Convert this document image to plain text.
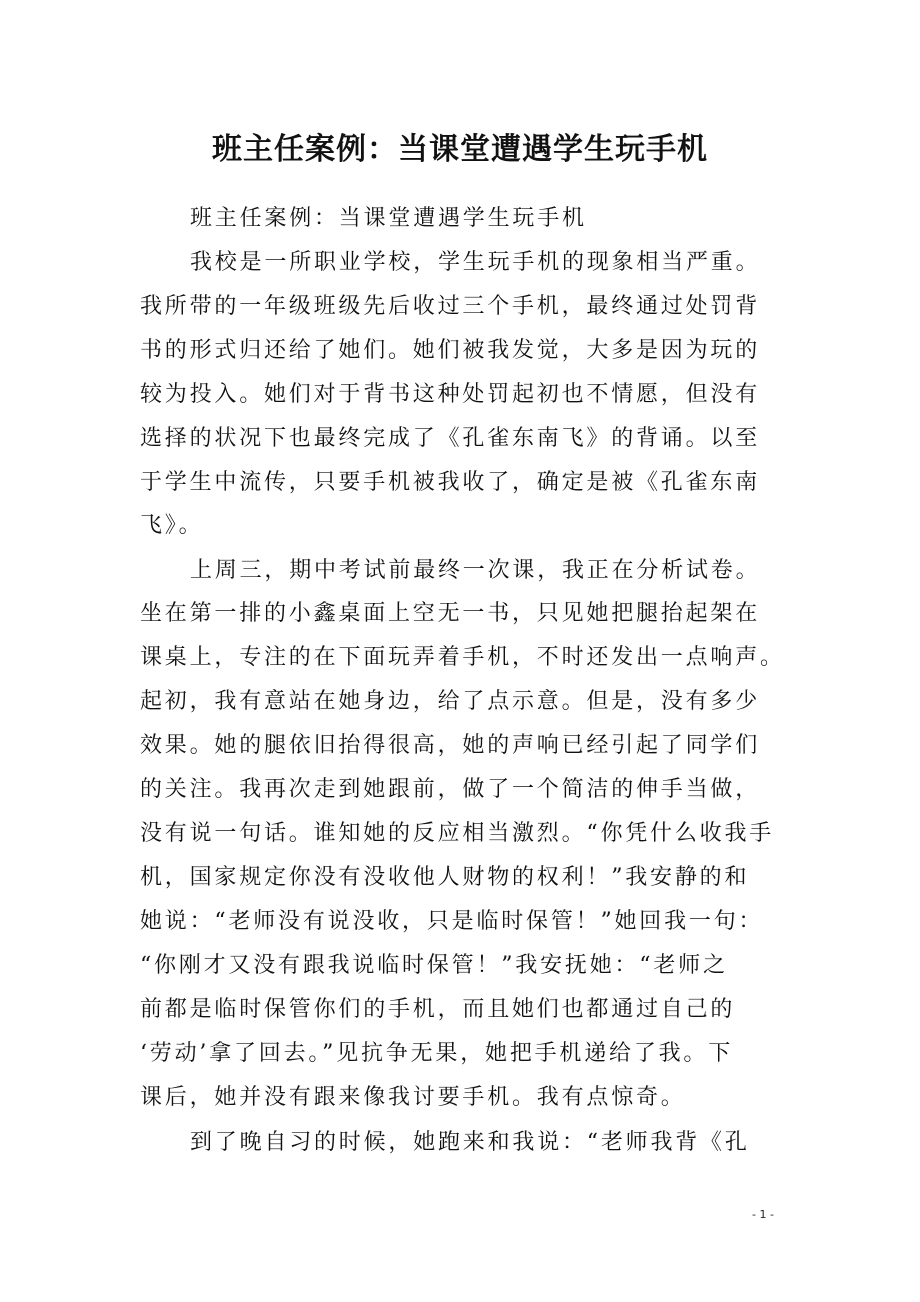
班主任案例：当课堂遭遇学生玩手机
班主任案例：当课堂遭遇学生玩手机
我校是一所职业学校，学生玩手机的现象相当严重。
我所带的一年级班级先后收过三个手机，最终通过处罚背
书的形式归还给了她们。她们被我发觉，大多是因为玩的
较为投入。她们对于背书这种处罚起初也不情愿，但没有
选择的状况下也最终完成了《孔雀东南飞》的背诵。以至
于学生中流传，只要手机被我收了，确定是被《孔雀东南
飞》。
上周三，期中考试前最终一次课，我正在分析试卷。
坐在第一排的小鑫桌面上空无一书，只见她把腿抬起架在
课桌上，专注的在下面玩弄着手机，不时还发出一点响声。
起初，我有意站在她身边，给了点示意。但是，没有多少
效果。她的腿依旧抬得很高，她的声响已经引起了同学们
的关注。我再次走到她跟前，做了一个简洁的伸手当做，
没有说一句话。谁知她的反应相当激烈。“你凭什么收我手
机，国家规定你没有没收他人财物的权利！”我安静的和
她说：“老师没有说没收，只是临时保管！”她回我一句：
“你刚才又没有跟我说临时保管！”我安抚她：“老师之
前都是临时保管你们的手机，而且她们也都通过自己的
‘劳动’拿了回去。”见抗争无果，她把手机递给了我。下
课后，她并没有跟来像我讨要手机。我有点惊奇。
到了晚自习的时候，她跑来和我说：“老师我背《孔
- 1 -
